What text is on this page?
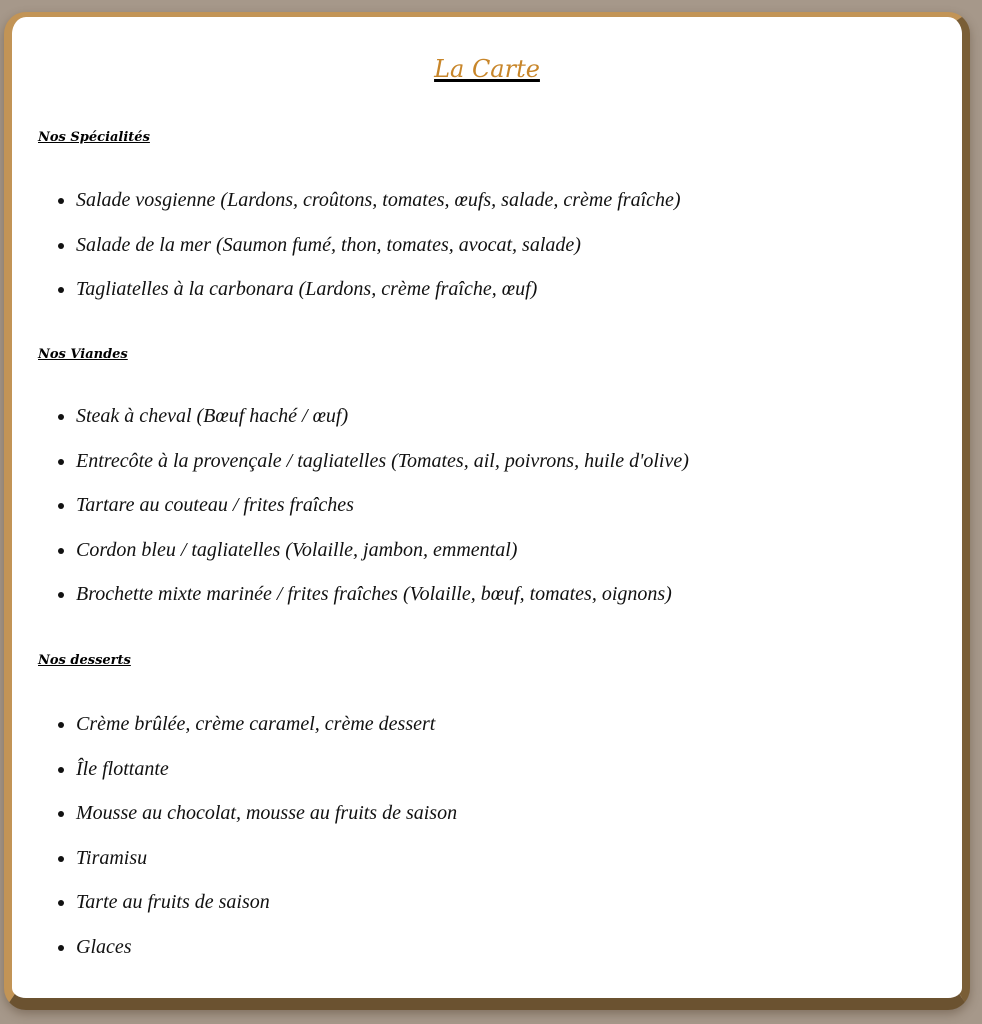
La Carte
Nos Spécialités
• Salade vosgienne (Lardons, croûtons, tomates, œufs, salade, crème fraîche)
• Salade de la mer (Saumon fumé, thon, tomates, avocat, salade)
• Tagliatelles à la carbonara (Lardons, crème fraîche, œuf)
Nos Viandes
• Steak à cheval (Bœuf haché / œuf)
• Entrecôte à la provençale / tagliatelles (Tomates, ail, poivrons, huile d'olive)
• Tartare au couteau / frites fraîches
• Cordon bleu / tagliatelles (Volaille, jambon, emmental)
• Brochette mixte marinée / frites fraîches (Volaille, bœuf, tomates, oignons)
Nos desserts
• Crème brûlée, crème caramel, crème dessert
• Île flottante
• Mousse au chocolat, mousse au fruits de saison
• Tiramisu
• Tarte au fruits de saison
• Glaces
